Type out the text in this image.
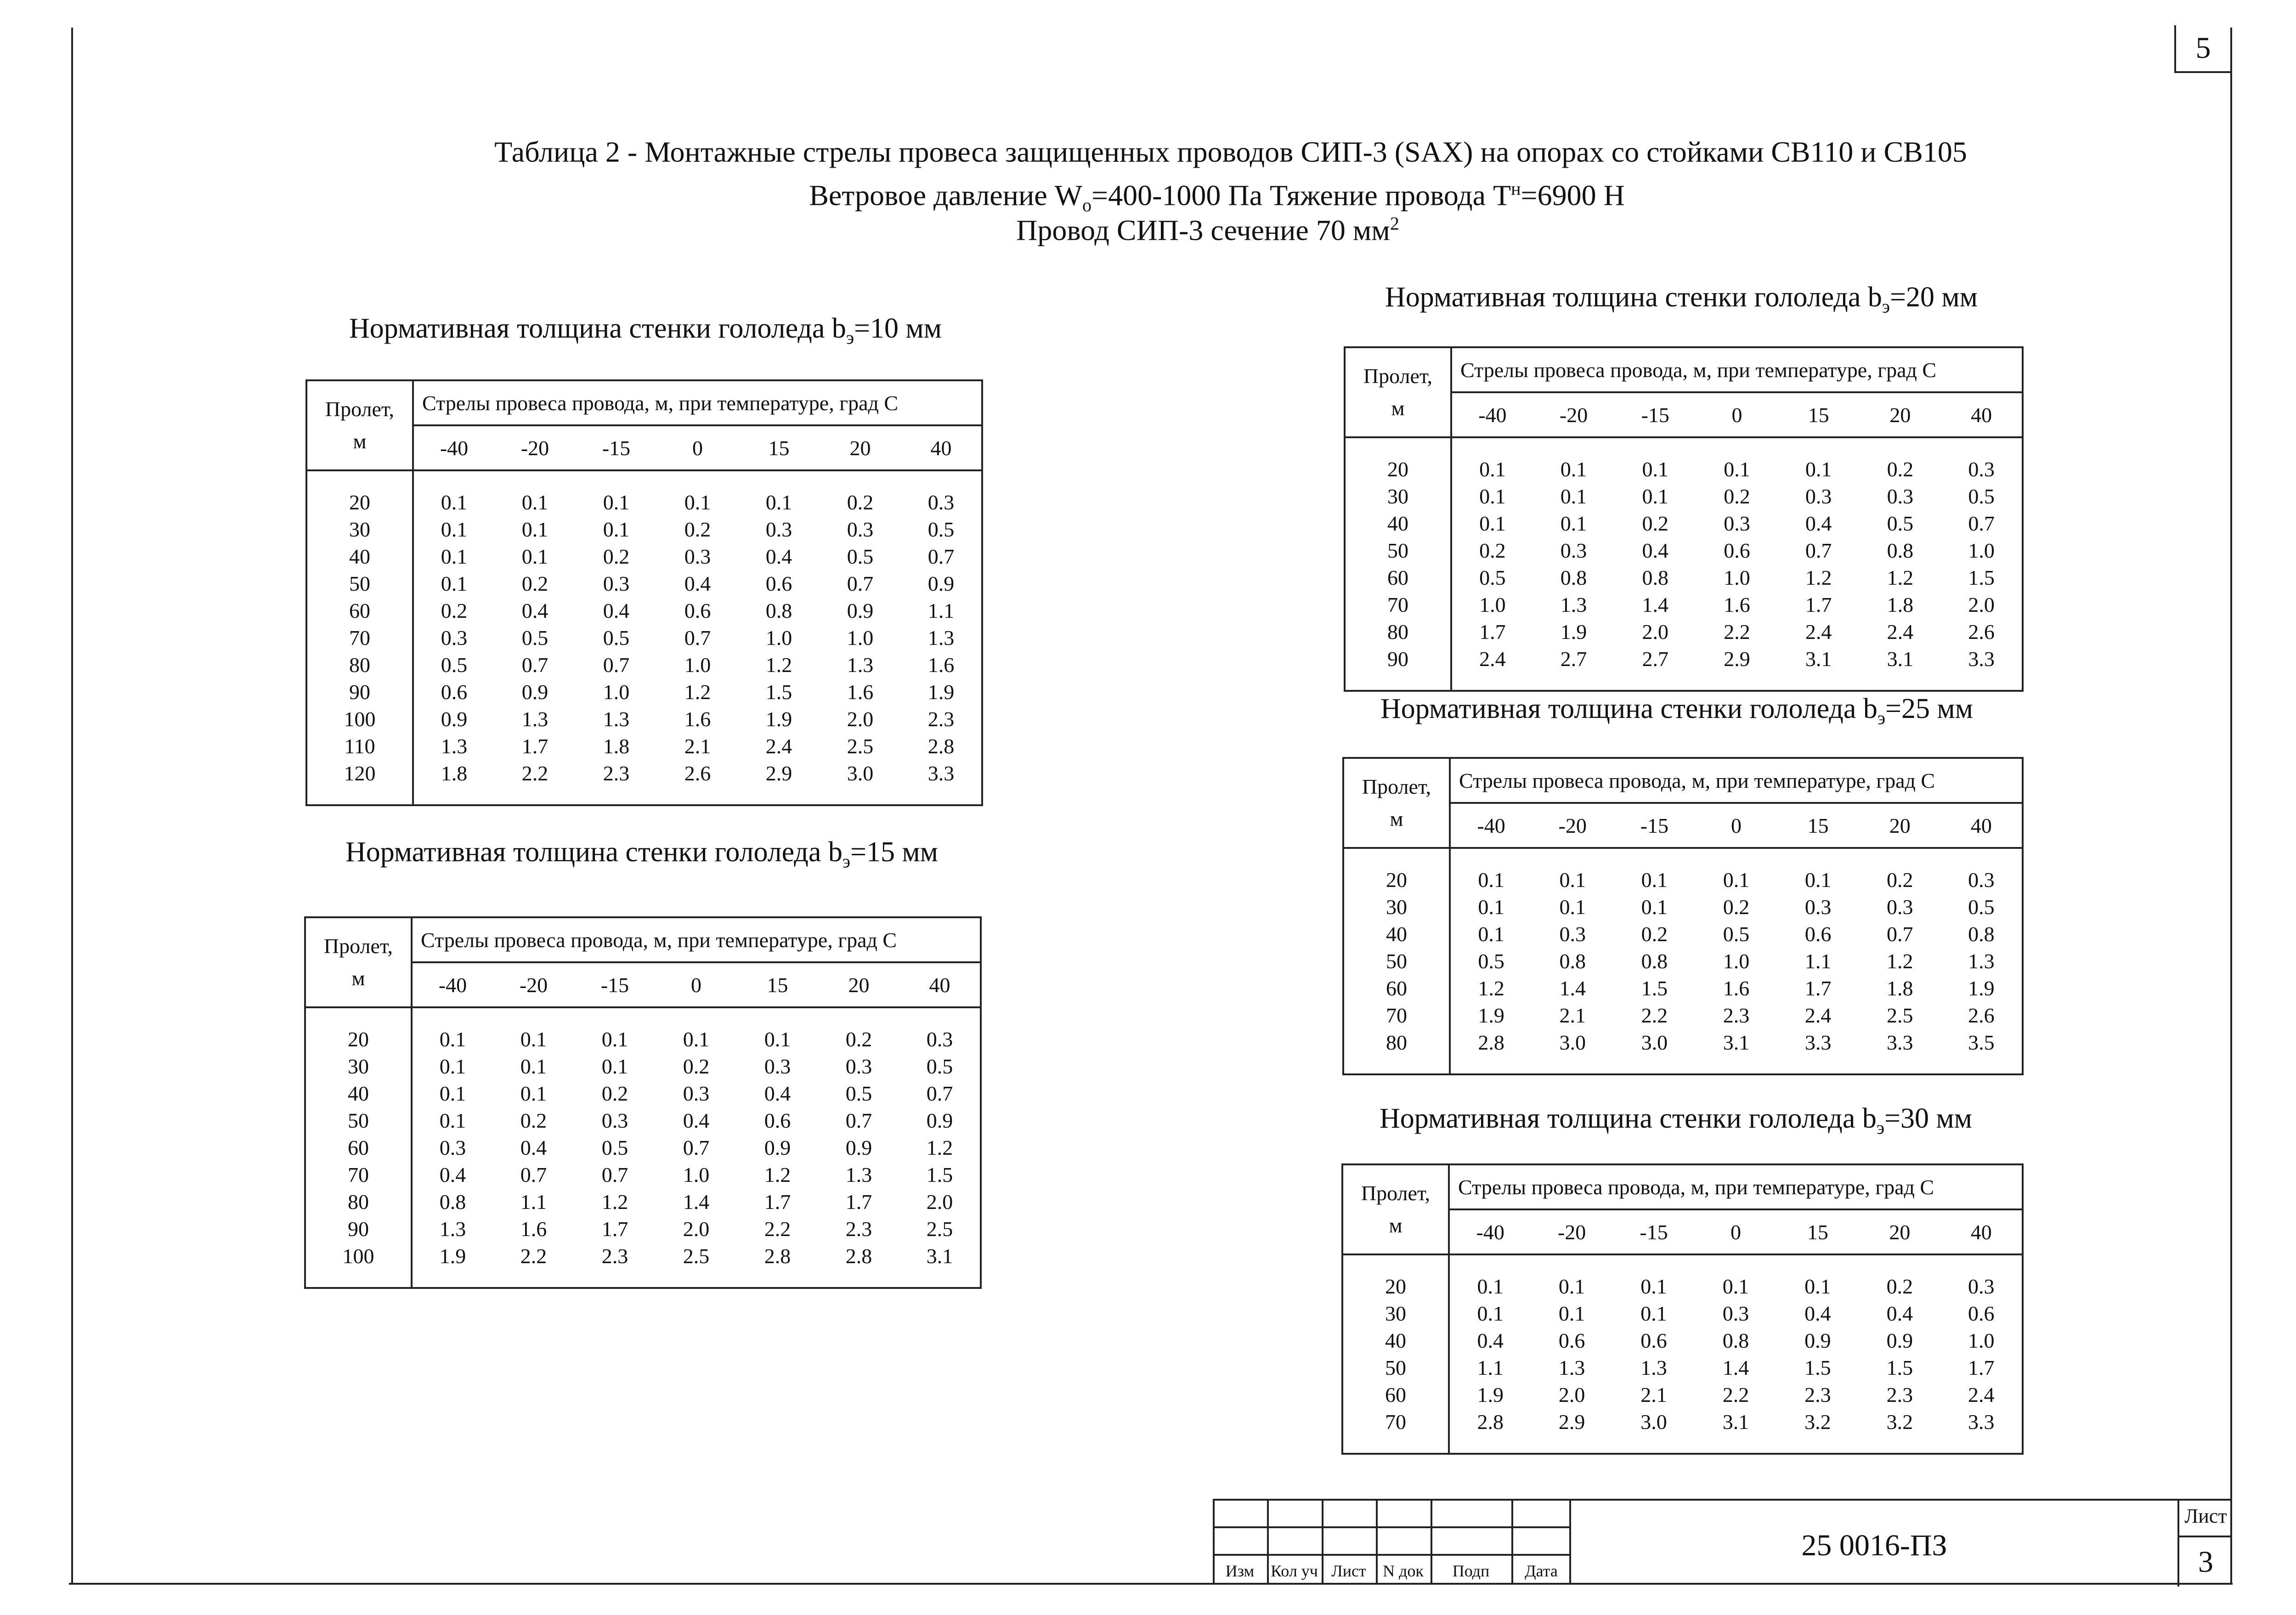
5
Таблица 2 - Монтажные стрелы провеса защищенных проводов СИП-3 (SAX) на опорах со стойками СВ110 и СВ105
Ветровое давление $W_o=400-1000$ Па Тяжение провода $T^н=6900$ Н
Провод СИП-3 сечение 70 $мм^2$
Нормативная толщина стенки гололеда $b_э=10$ мм
Нормативная толщина стенки гололеда $b_э=15$ мм
Нормативная толщина стенки гололеда $b_э=20$ мм
Нормативная толщина стенки гололеда $b_э=25$ мм
Нормативная толщина стенки гололеда $b_э=30$ мм
Пролет,
м	Стрелы провеса провода, м, при температуре, град С						
	-40	-20	-15	0	15	20	40

20	0.1	0.1	0.1	0.1	0.1	0.2	0.3
30	0.1	0.1	0.1	0.2	0.3	0.3	0.5
40	0.1	0.1	0.2	0.3	0.4	0.5	0.7
50	0.1	0.2	0.3	0.4	0.6	0.7	0.9
60	0.2	0.4	0.4	0.6	0.8	0.9	1.1
70	0.3	0.5	0.5	0.7	1.0	1.0	1.3
80	0.5	0.7	0.7	1.0	1.2	1.3	1.6
90	0.6	0.9	1.0	1.2	1.5	1.6	1.9
100	0.9	1.3	1.3	1.6	1.9	2.0	2.3
110	1.3	1.7	1.8	2.1	2.4	2.5	2.8
120	1.8	2.2	2.3	2.6	2.9	3.0	3.3

Пролет,
м	Стрелы провеса провода, м, при температуре, град С						
	-40	-20	-15	0	15	20	40

20	0.1	0.1	0.1	0.1	0.1	0.2	0.3
30	0.1	0.1	0.1	0.2	0.3	0.3	0.5
40	0.1	0.1	0.2	0.3	0.4	0.5	0.7
50	0.1	0.2	0.3	0.4	0.6	0.7	0.9
60	0.3	0.4	0.5	0.7	0.9	0.9	1.2
70	0.4	0.7	0.7	1.0	1.2	1.3	1.5
80	0.8	1.1	1.2	1.4	1.7	1.7	2.0
90	1.3	1.6	1.7	2.0	2.2	2.3	2.5
100	1.9	2.2	2.3	2.5	2.8	2.8	3.1

Пролет,
м	Стрелы провеса провода, м, при температуре, град С						
	-40	-20	-15	0	15	20	40

20	0.1	0.1	0.1	0.1	0.1	0.2	0.3
30	0.1	0.1	0.1	0.2	0.3	0.3	0.5
40	0.1	0.1	0.2	0.3	0.4	0.5	0.7
50	0.2	0.3	0.4	0.6	0.7	0.8	1.0
60	0.5	0.8	0.8	1.0	1.2	1.2	1.5
70	1.0	1.3	1.4	1.6	1.7	1.8	2.0
80	1.7	1.9	2.0	2.2	2.4	2.4	2.6
90	2.4	2.7	2.7	2.9	3.1	3.1	3.3

Пролет,
м	Стрелы провеса провода, м, при температуре, град С						
	-40	-20	-15	0	15	20	40

20	0.1	0.1	0.1	0.1	0.1	0.2	0.3
30	0.1	0.1	0.1	0.2	0.3	0.3	0.5
40	0.1	0.3	0.2	0.5	0.6	0.7	0.8
50	0.5	0.8	0.8	1.0	1.1	1.2	1.3
60	1.2	1.4	1.5	1.6	1.7	1.8	1.9
70	1.9	2.1	2.2	2.3	2.4	2.5	2.6
80	2.8	3.0	3.0	3.1	3.3	3.3	3.5

Пролет,
м	Стрелы провеса провода, м, при температуре, град С						
	-40	-20	-15	0	15	20	40

20	0.1	0.1	0.1	0.1	0.1	0.2	0.3
30	0.1	0.1	0.1	0.3	0.4	0.4	0.6
40	0.4	0.6	0.6	0.8	0.9	0.9	1.0
50	1.1	1.3	1.3	1.4	1.5	1.5	1.7
60	1.9	2.0	2.1	2.2	2.3	2.3	2.4
70	2.8	2.9	3.0	3.1	3.2	3.2	3.3

Изм Кол уч Лист	N док	Подп	Дата
25 0016-ПЗ
Лист
3
